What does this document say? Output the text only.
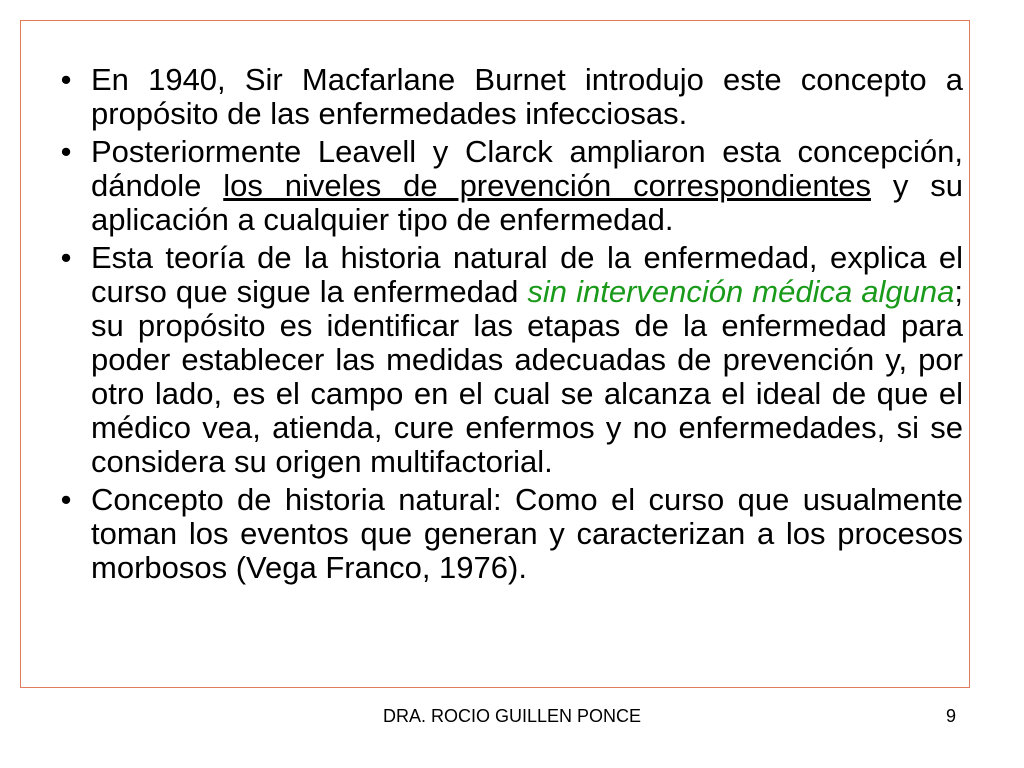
• En 1940, Sir Macfarlane Burnet introdujo este concepto a propósito de las enfermedades infecciosas.
• Posteriormente Leavell y Clarck ampliaron esta concepción, dándole los niveles de prevención correspondientes y su aplicación a cualquier tipo de enfermedad.
• Esta teoría de la historia natural de la enfermedad, explica el curso que sigue la enfermedad sin intervención médica alguna; su propósito es identificar las etapas de la enfermedad para poder establecer las medidas adecuadas de prevención y, por otro lado, es el campo en el cual se alcanza el ideal de que el médico vea, atienda, cure enfermos y no enfermedades, si se considera su origen multifactorial.
• Concepto de historia natural: Como el curso que usualmente toman los eventos que generan y caracterizan a los procesos morbosos (Vega Franco, 1976).
DRA. ROCIO GUILLEN PONCE	9
